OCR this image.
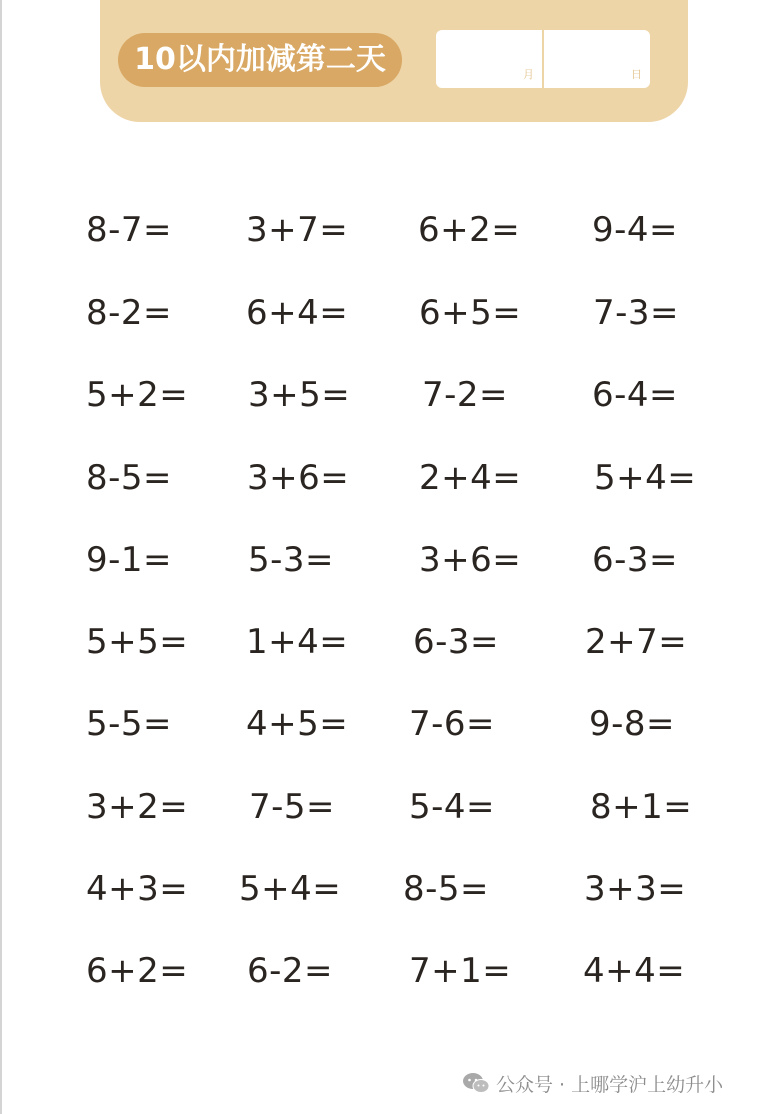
10以内加减第二天	月	日
8-7= 3+7= 6+2= 9-4=
8-2= 6+4= 6+5= 7-3=
5+2= 3+5= 7-2= 6-4=
8-5= 3+6= 2+4= 5+4=
9-1= 5-3= 3+6= 6-3=
5+5= 1+4= 6-3=	2+7=
5-5= 4+5= 7-6=	9-8=
3+2= 7-5= 5-4=	8+1=
4+3= 5+4= 8-5=	3+3=
6+2= 6-2= 7+1= 4+4=
公众号 · 上哪学沪上幼升小
